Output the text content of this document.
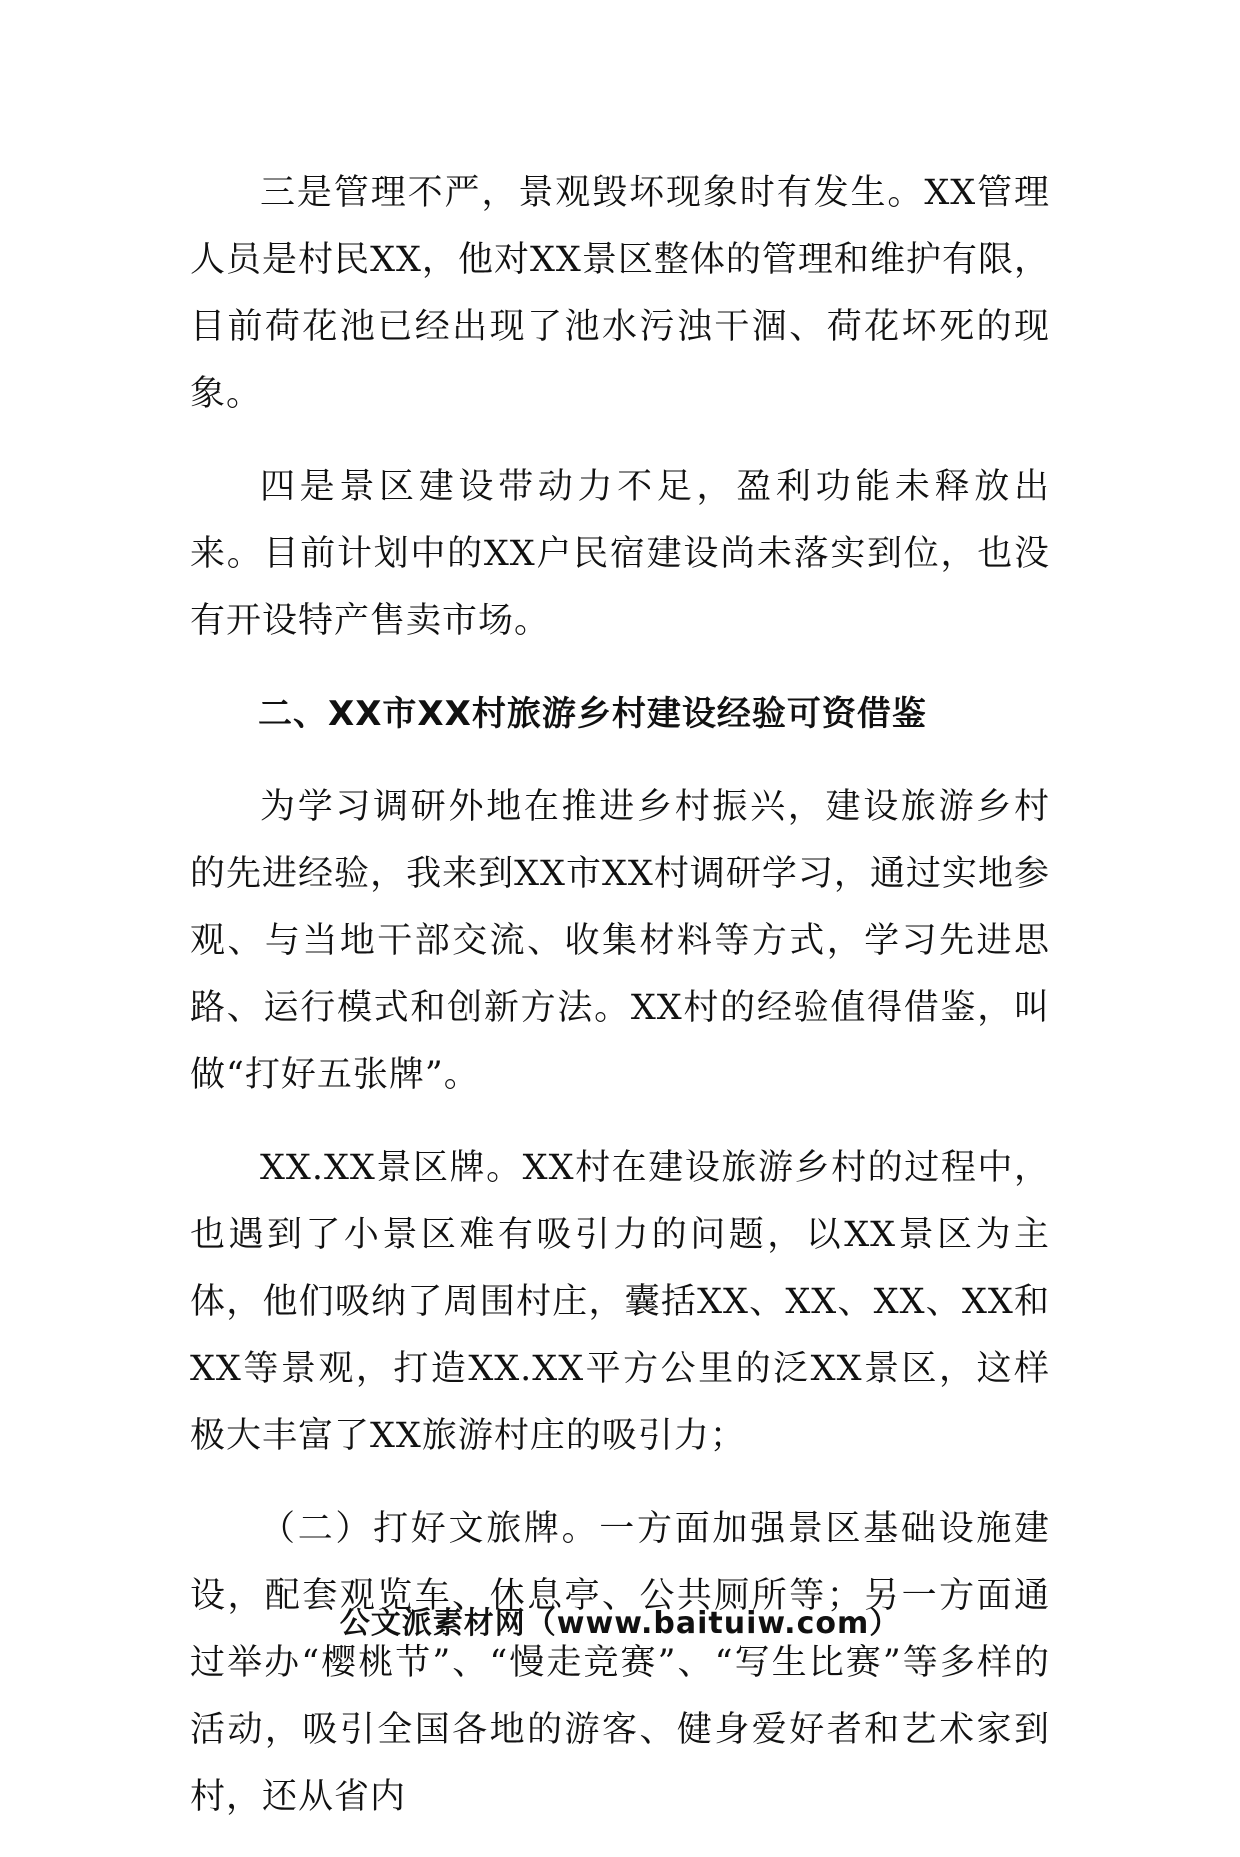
三是管理不严，景观毁坏现象时有发生。XX管理人员是村民XX，他对XX景区整体的管理和维护有限，目前荷花池已经出现了池水污浊干涸、荷花坏死的现象。

四是景区建设带动力不足，盈利功能未释放出来。目前计划中的XX户民宿建设尚未落实到位，也没有开设特产售卖市场。

二、XX市XX村旅游乡村建设经验可资借鉴

为学习调研外地在推进乡村振兴，建设旅游乡村的先进经验，我来到XX市XX村调研学习，通过实地参观、与当地干部交流、收集材料等方式，学习先进思路、运行模式和创新方法。XX村的经验值得借鉴，叫做“打好五张牌”。

XX.XX景区牌。XX村在建设旅游乡村的过程中，也遇到了小景区难有吸引力的问题，以XX景区为主体，他们吸纳了周围村庄，囊括XX、XX、XX、XX和XX等景观，打造XX.XX平方公里的泛XX景区，这样极大丰富了XX旅游村庄的吸引力；

（二）打好文旅牌。一方面加强景区基础设施建设，配套观览车、休息亭、公共厕所等；另一方面通过举办“樱桃节”、“慢走竞赛”、“写生比赛”等多样的活动，吸引全国各地的游客、健身爱好者和艺术家到村，还从省内

公文派素材网（www.baituiw.com）
